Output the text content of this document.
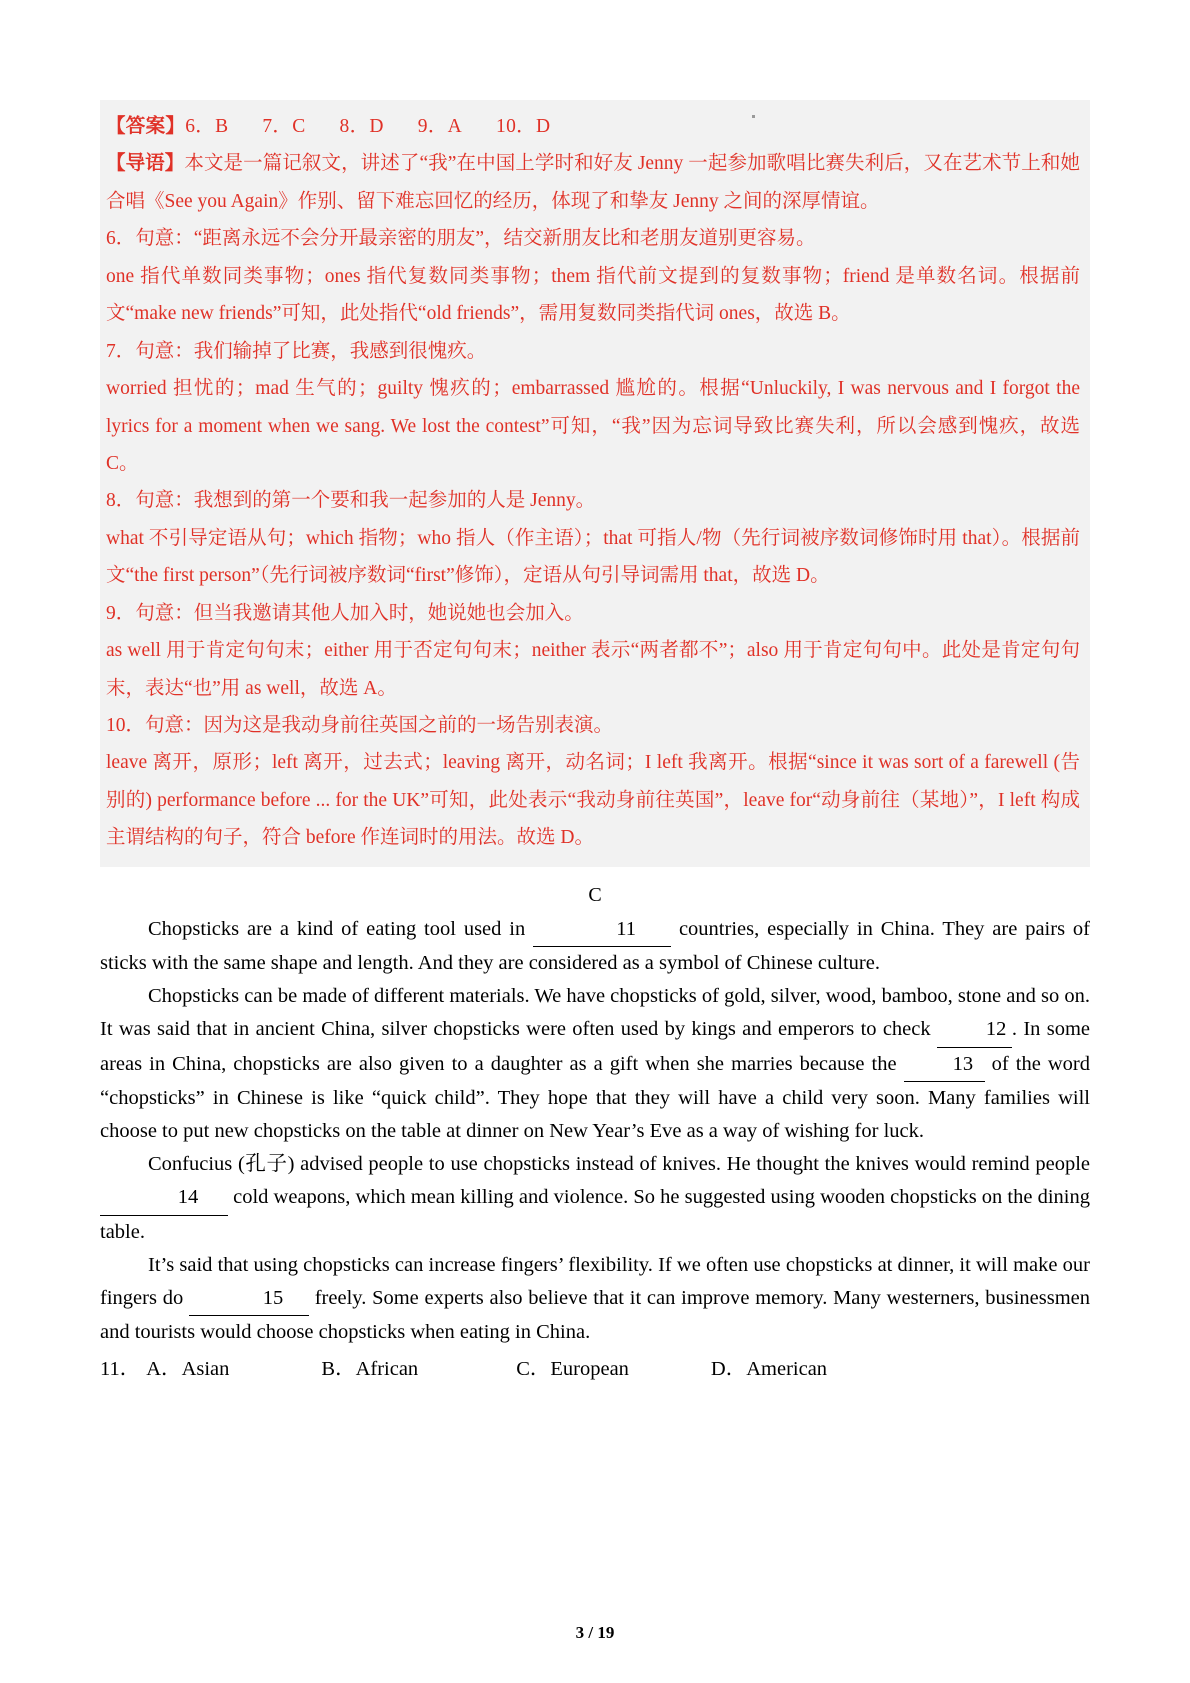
【答案】6．B 7．C 8．D 9．A 10．D

【导语】本文是一篇记叙文，讲述了“我”在中国上学时和好友 Jenny 一起参加歌唱比赛失利后，又在艺术节上和她合唱《See you Again》作别、留下难忘回忆的经历，体现了和挚友 Jenny 之间的深厚情谊。

6．句意：“距离永远不会分开最亲密的朋友”，结交新朋友比和老朋友道别更容易。

one 指代单数同类事物；ones 指代复数同类事物；them 指代前文提到的复数事物；friend 是单数名词。根据前文“make new friends”可知，此处指代“old friends”，需用复数同类指代词 ones，故选 B。

7．句意：我们输掉了比赛，我感到很愧疚。

worried 担忧的；mad 生气的；guilty 愧疚的；embarrassed 尴尬的。根据“Unluckily, I was nervous and I forgot the lyrics for a moment when we sang. We lost the contest”可知，“我”因为忘词导致比赛失利，所以会感到愧疚，故选 C。

8．句意：我想到的第一个要和我一起参加的人是 Jenny。

what 不引导定语从句；which 指物；who 指人（作主语）；that 可指人/物（先行词被序数词修饰时用 that）。根据前文“the first person”（先行词被序数词“first”修饰），定语从句引导词需用 that，故选 D。

9．句意：但当我邀请其他人加入时，她说她也会加入。

as well 用于肯定句句末；either 用于否定句句末；neither 表示“两者都不”；also 用于肯定句句中。此处是肯定句句末，表达“也”用 as well，故选 A。

10．句意：因为这是我动身前往英国之前的一场告别表演。

leave 离开，原形；left 离开，过去式；leaving 离开，动名词；I left 我离开。根据“since it was sort of a farewell (告别的) performance before ... for the UK”可知，此处表示“我动身前往英国”，leave for“动身前往（某地）”，I left 构成主谓结构的句子，符合 before 作连词时的用法。故选 D。

C

Chopsticks are a kind of eating tool used in	11 countries, especially in China. They are pairs of sticks with the same shape and length. And they are considered as a symbol of Chinese culture.

Chopsticks can be made of different materials. We have chopsticks of gold, silver, wood, bamboo, stone and so on. It was said that in ancient China, silver chopsticks were often used by kings and emperors to check 12 . In some areas in China, chopsticks are also given to a daughter as a gift when she marries because the 13 of the word “chopsticks” in Chinese is like “quick child”. They hope that they will have a child very soon. Many families will choose to put new chopsticks on the table at dinner on New Year’s Eve as a way of wishing for luck.

Confucius (孔子) advised people to use chopsticks instead of knives. He thought the knives would remind people 14 cold weapons, which mean killing and violence. So he suggested using wooden chopsticks on the dining table.

It’s said that using chopsticks can increase fingers’ flexibility. If we often use chopsticks at dinner, it will make our fingers do	15 freely. Some experts also believe that it can improve memory. Many westerners, businessmen and tourists would choose chopsticks when eating in China.

11． A．Asian	B．African	C．European	D．American
3 / 19
